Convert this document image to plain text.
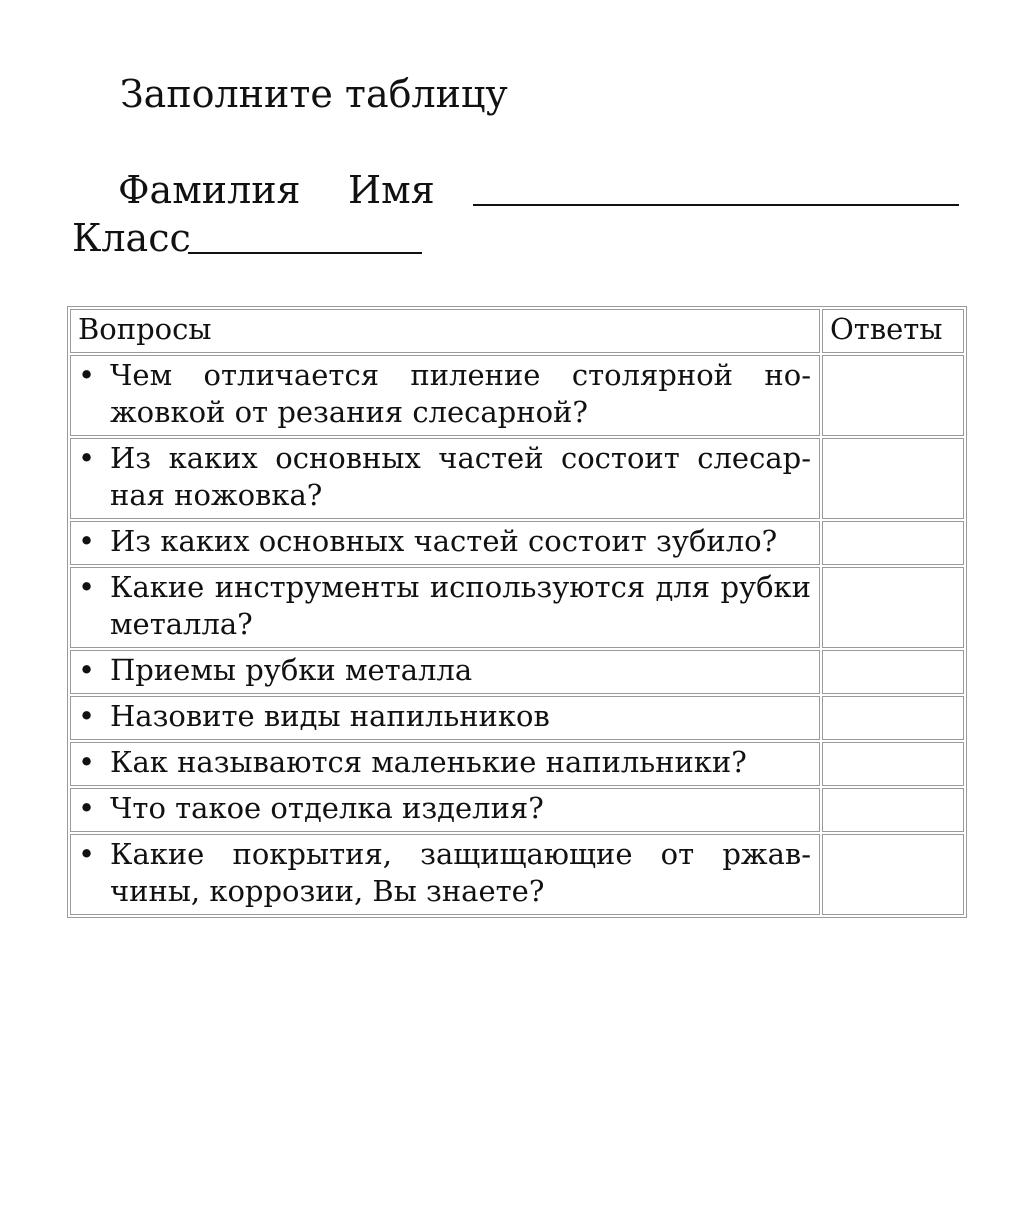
Заполните таблицу
Фамилия Имя
Класс
Вопросы	Ответы

• Чем отличается пиление столярной ножовкой от резания слесарной?	

• Из каких основных частей состоит слесарная ножовка?	

• Из каких основных частей состоит зубило?	

• Какие инструменты используются для рубки металла?	

• Приемы рубки металла	

• Назовите виды напильников	

• Как называются маленькие напильники?	

• Что такое отделка изделия?	

• Какие покрытия, защищающие от ржавчины, коррозии, Вы знаете?	
